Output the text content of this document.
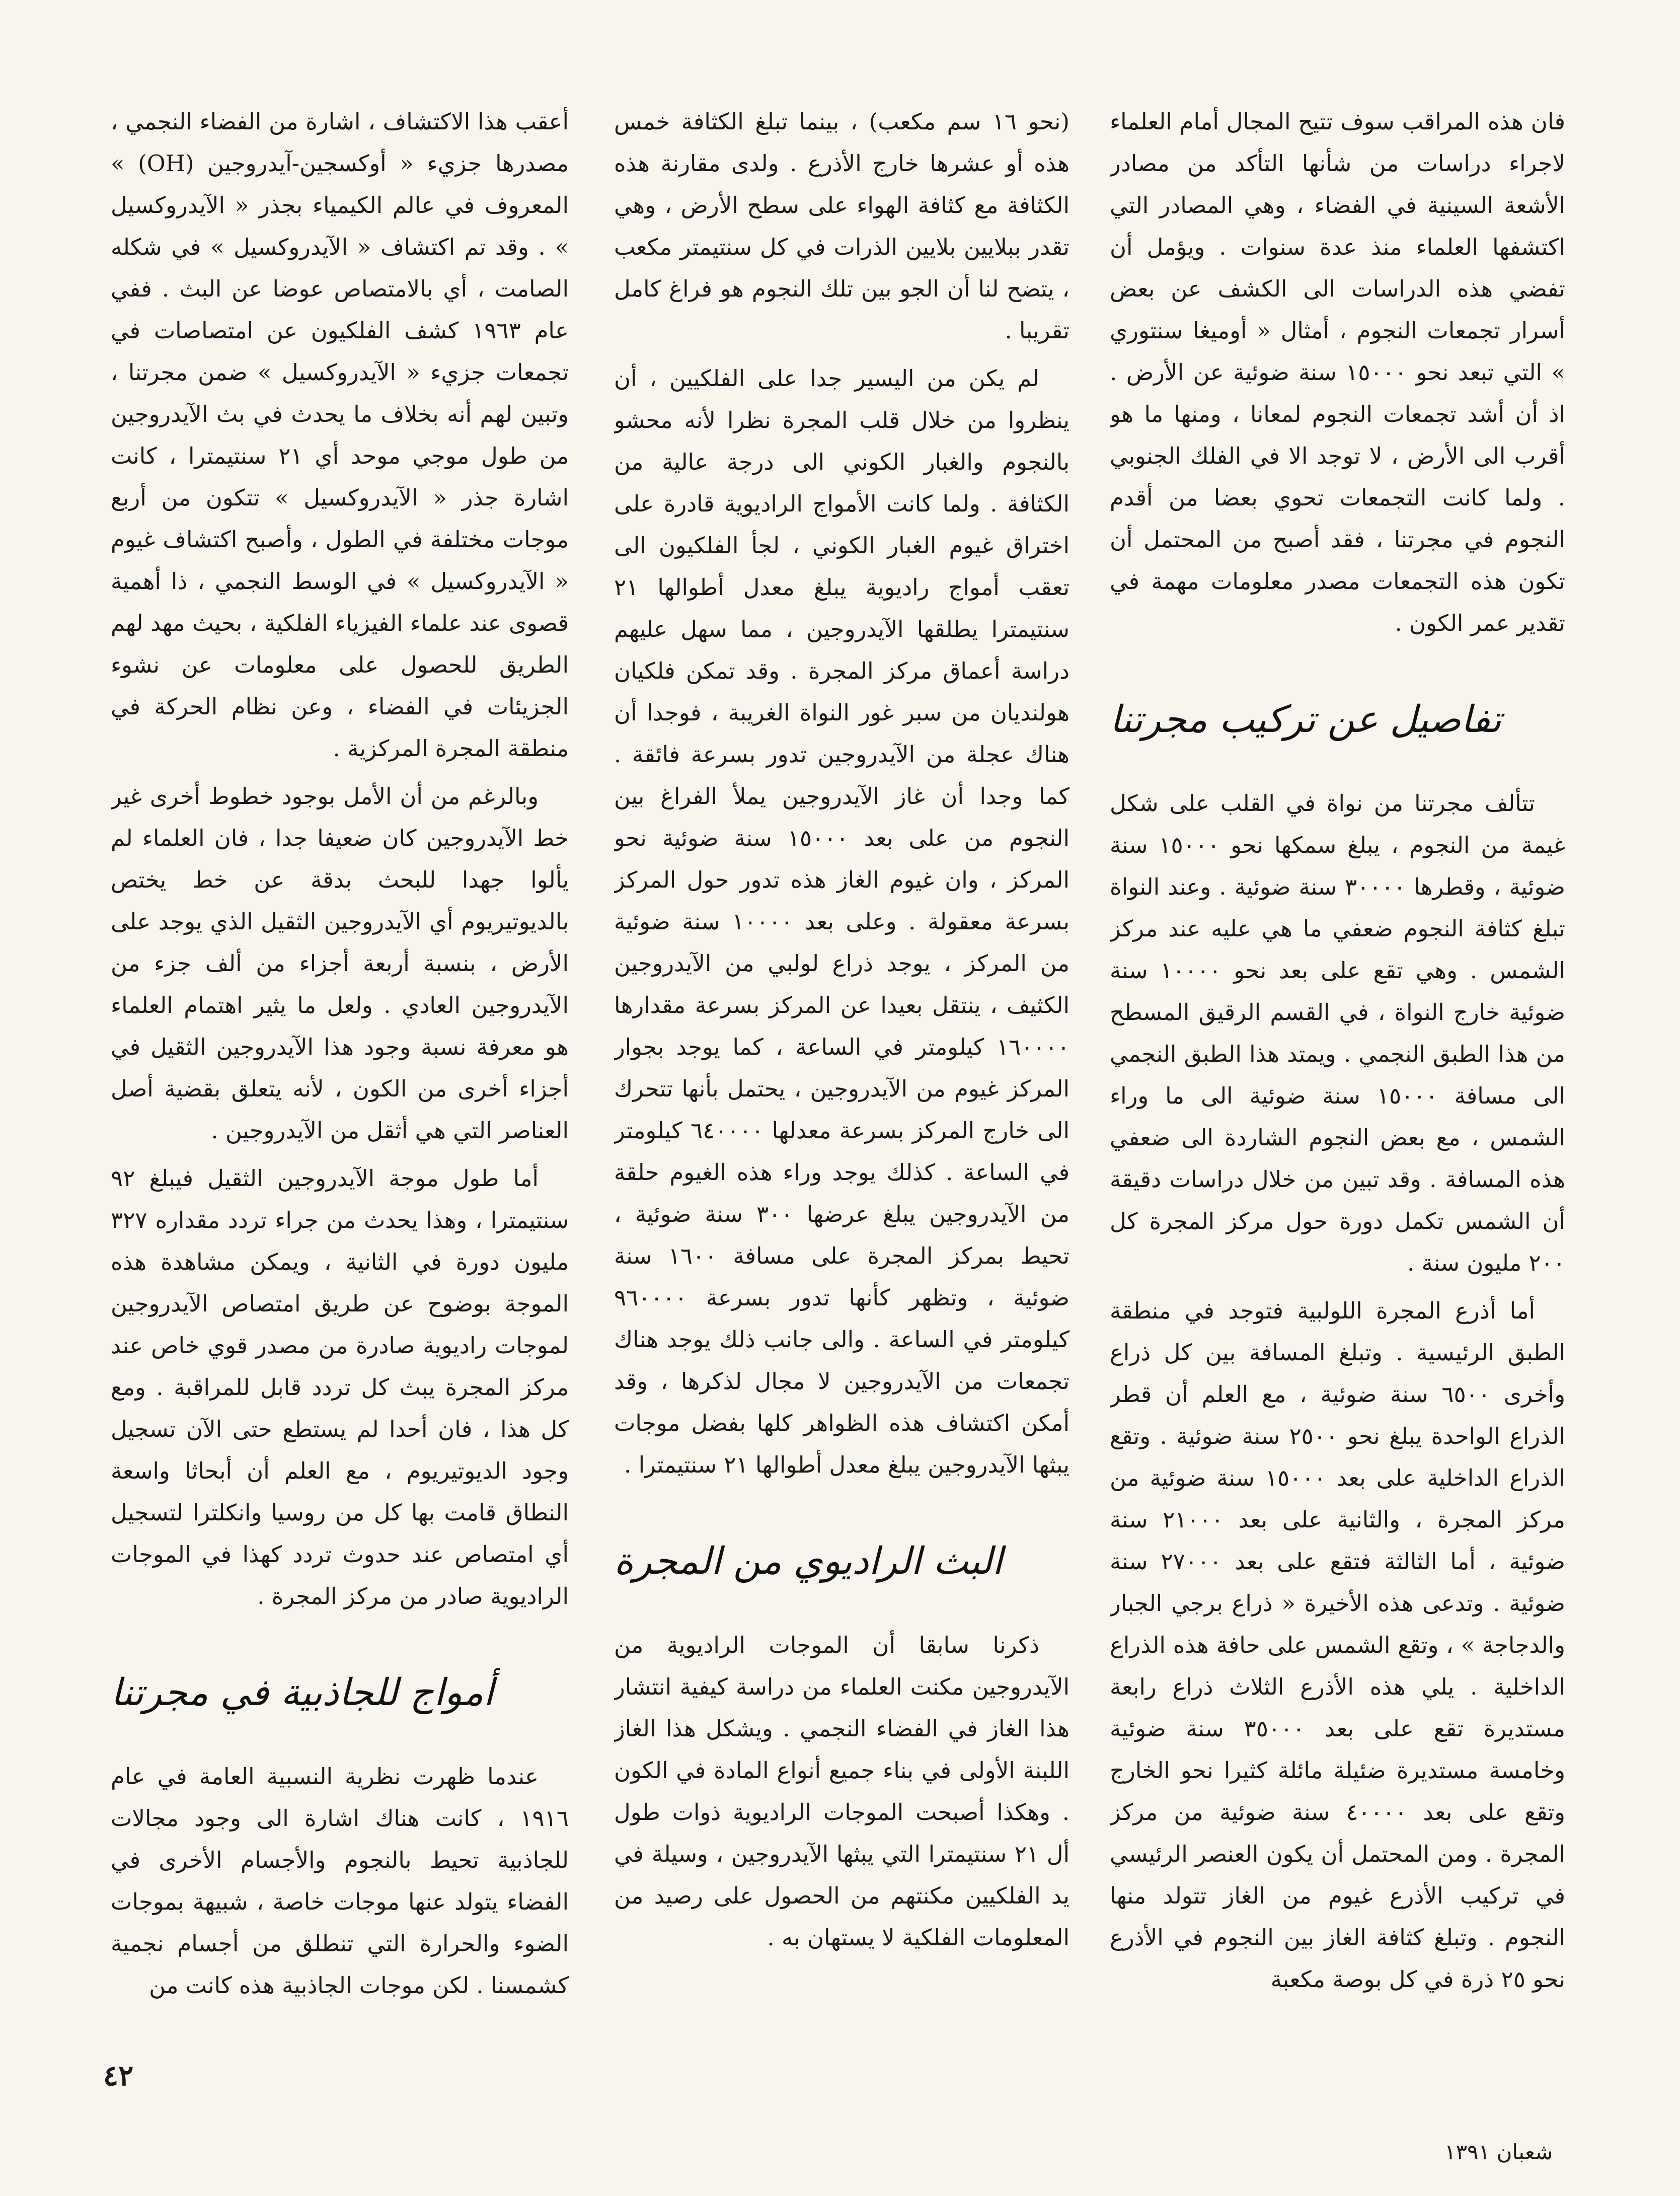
فان هذه المراقب سوف تتيح المجال أمام العلماء لاجراء دراسات من شأنها التأكد من مصادر الأشعة السينية في الفضاء ، وهي المصادر التي اكتشفها العلماء منذ عدة سنوات . ويؤمل أن تفضي هذه الدراسات الى الكشف عن بعض أسرار تجمعات النجوم ، أمثال « أوميغا سنتوري » التي تبعد نحو ١٥٠٠٠ سنة ضوئية عن الأرض . اذ أن أشد تجمعات النجوم لمعانا ، ومنها ما هو أقرب الى الأرض ، لا توجد الا في الفلك الجنوبي . ولما كانت التجمعات تحوي بعضا من أقدم النجوم في مجرتنا ، فقد أصبح من المحتمل أن تكون هذه التجمعات مصدر معلومات مهمة في تقدير عمر الكون .

تفاصيل عن تركيب مجرتنا

تتألف مجرتنا من نواة في القلب على شكل غيمة من النجوم ، يبلغ سمكها نحو ١٥٠٠٠ سنة ضوئية ، وقطرها ٣٠٠٠٠ سنة ضوئية . وعند النواة تبلغ كثافة النجوم ضعفي ما هي عليه عند مركز الشمس . وهي تقع على بعد نحو ١٠٠٠٠ سنة ضوئية خارج النواة ، في القسم الرقيق المسطح من هذا الطبق النجمي . ويمتد هذا الطبق النجمي الى مسافة ١٥٠٠٠ سنة ضوئية الى ما وراء الشمس ، مع بعض النجوم الشاردة الى ضعفي هذه المسافة . وقد تبين من خلال دراسات دقيقة أن الشمس تكمل دورة حول مركز المجرة كل ٢٠٠ مليون سنة .

أما أذرع المجرة اللولبية فتوجد في منطقة الطبق الرئيسية . وتبلغ المسافة بين كل ذراع وأخرى ٦٥٠٠ سنة ضوئية ، مع العلم أن قطر الذراع الواحدة يبلغ نحو ٢٥٠٠ سنة ضوئية . وتقع الذراع الداخلية على بعد ١٥٠٠٠ سنة ضوئية من مركز المجرة ، والثانية على بعد ٢١٠٠٠ سنة ضوئية ، أما الثالثة فتقع على بعد ٢٧٠٠٠ سنة ضوئية . وتدعى هذه الأخيرة « ذراع برجي الجبار والدجاجة » ، وتقع الشمس على حافة هذه الذراع الداخلية . يلي هذه الأذرع الثلاث ذراع رابعة مستديرة تقع على بعد ٣٥٠٠٠ سنة ضوئية وخامسة مستديرة ضئيلة مائلة كثيرا نحو الخارج وتقع على بعد ٤٠٠٠٠ سنة ضوئية من مركز المجرة . ومن المحتمل أن يكون العنصر الرئيسي في تركيب الأذرع غيوم من الغاز تتولد منها النجوم . وتبلغ كثافة الغاز بين النجوم في الأذرع نحو ٢٥ ذرة في كل بوصة مكعبة

(نحو ١٦ سم مكعب) ، بينما تبلغ الكثافة خمس هذه أو عشرها خارج الأذرع . ولدى مقارنة هذه الكثافة مع كثافة الهواء على سطح الأرض ، وهي تقدر ببلايين بلايين الذرات في كل سنتيمتر مكعب ، يتضح لنا أن الجو بين تلك النجوم هو فراغ كامل تقريبا .

لم يكن من اليسير جدا على الفلكيين ، أن ينظروا من خلال قلب المجرة نظرا لأنه محشو بالنجوم والغبار الكوني الى درجة عالية من الكثافة . ولما كانت الأمواج الراديوية قادرة على اختراق غيوم الغبار الكوني ، لجأ الفلكيون الى تعقب أمواج راديوية يبلغ معدل أطوالها ٢١ سنتيمترا يطلقها الآيدروجين ، مما سهل عليهم دراسة أعماق مركز المجرة . وقد تمكن فلكيان هولنديان من سبر غور النواة الغريبة ، فوجدا أن هناك عجلة من الآيدروجين تدور بسرعة فائقة . كما وجدا أن غاز الآيدروجين يملأ الفراغ بين النجوم من على بعد ١٥٠٠٠ سنة ضوئية نحو المركز ، وان غيوم الغاز هذه تدور حول المركز بسرعة معقولة . وعلى بعد ١٠٠٠٠ سنة ضوئية من المركز ، يوجد ذراع لولبي من الآيدروجين الكثيف ، ينتقل بعيدا عن المركز بسرعة مقدارها ١٦٠٠٠٠ كيلومتر في الساعة ، كما يوجد بجوار المركز غيوم من الآيدروجين ، يحتمل بأنها تتحرك الى خارج المركز بسرعة معدلها ٦٤٠٠٠٠ كيلومتر في الساعة . كذلك يوجد وراء هذه الغيوم حلقة من الآيدروجين يبلغ عرضها ٣٠٠ سنة ضوئية ، تحيط بمركز المجرة على مسافة ١٦٠٠ سنة ضوئية ، وتظهر كأنها تدور بسرعة ٩٦٠٠٠٠ كيلومتر في الساعة . والى جانب ذلك يوجد هناك تجمعات من الآيدروجين لا مجال لذكرها ، وقد أمكن اكتشاف هذه الظواهر كلها بفضل موجات يبثها الآيدروجين يبلغ معدل أطوالها ٢١ سنتيمترا .

البث الراديوي من المجرة

ذكرنا سابقا أن الموجات الراديوية من الآيدروجين مكنت العلماء من دراسة كيفية انتشار هذا الغاز في الفضاء النجمي . ويشكل هذا الغاز اللبنة الأولى في بناء جميع أنواع المادة في الكون . وهكذا أصبحت الموجات الراديوية ذوات طول أل ٢١ سنتيمترا التي يبثها الآيدروجين ، وسيلة في يد الفلكيين مكنتهم من الحصول على رصيد من المعلومات الفلكية لا يستهان به .

أعقب هذا الاكتشاف ، اشارة من الفضاء النجمي ، مصدرها جزيء « أوكسجين-آيدروجين (OH) » المعروف في عالم الكيمياء بجذر « الآيدروكسيل » . وقد تم اكتشاف « الآيدروكسيل » في شكله الصامت ، أي بالامتصاص عوضا عن البث . ففي عام ١٩٦٣ كشف الفلكيون عن امتصاصات في تجمعات جزيء « الآيدروكسيل » ضمن مجرتنا ، وتبين لهم أنه بخلاف ما يحدث في بث الآيدروجين من طول موجي موحد أي ٢١ سنتيمترا ، كانت اشارة جذر « الآيدروكسيل » تتكون من أربع موجات مختلفة في الطول ، وأصبح اكتشاف غيوم « الآيدروكسيل » في الوسط النجمي ، ذا أهمية قصوى عند علماء الفيزياء الفلكية ، بحيث مهد لهم الطريق للحصول على معلومات عن نشوء الجزيئات في الفضاء ، وعن نظام الحركة في منطقة المجرة المركزية .

وبالرغم من أن الأمل بوجود خطوط أخرى غير خط الآيدروجين كان ضعيفا جدا ، فان العلماء لم يألوا جهدا للبحث بدقة عن خط يختص بالديوتيريوم أي الآيدروجين الثقيل الذي يوجد على الأرض ، بنسبة أربعة أجزاء من ألف جزء من الآيدروجين العادي . ولعل ما يثير اهتمام العلماء هو معرفة نسبة وجود هذا الآيدروجين الثقيل في أجزاء أخرى من الكون ، لأنه يتعلق بقضية أصل العناصر التي هي أثقل من الآيدروجين .

أما طول موجة الآيدروجين الثقيل فيبلغ ٩٢ سنتيمترا ، وهذا يحدث من جراء تردد مقداره ٣٢٧ مليون دورة في الثانية ، ويمكن مشاهدة هذه الموجة بوضوح عن طريق امتصاص الآيدروجين لموجات راديوية صادرة من مصدر قوي خاص عند مركز المجرة يبث كل تردد قابل للمراقبة . ومع كل هذا ، فان أحدا لم يستطع حتى الآن تسجيل وجود الديوتيريوم ، مع العلم أن أبحاثا واسعة النطاق قامت بها كل من روسيا وانكلترا لتسجيل أي امتصاص عند حدوث تردد كهذا في الموجات الراديوية صادر من مركز المجرة .

أمواج للجاذبية في مجرتنا

عندما ظهرت نظرية النسبية العامة في عام ١٩١٦ ، كانت هناك اشارة الى وجود مجالات للجاذبية تحيط بالنجوم والأجسام الأخرى في الفضاء يتولد عنها موجات خاصة ، شبيهة بموجات الضوء والحرارة التي تنطلق من أجسام نجمية كشمسنا . لكن موجات الجاذبية هذه كانت من

٤٢
شعبان ١٣٩١
